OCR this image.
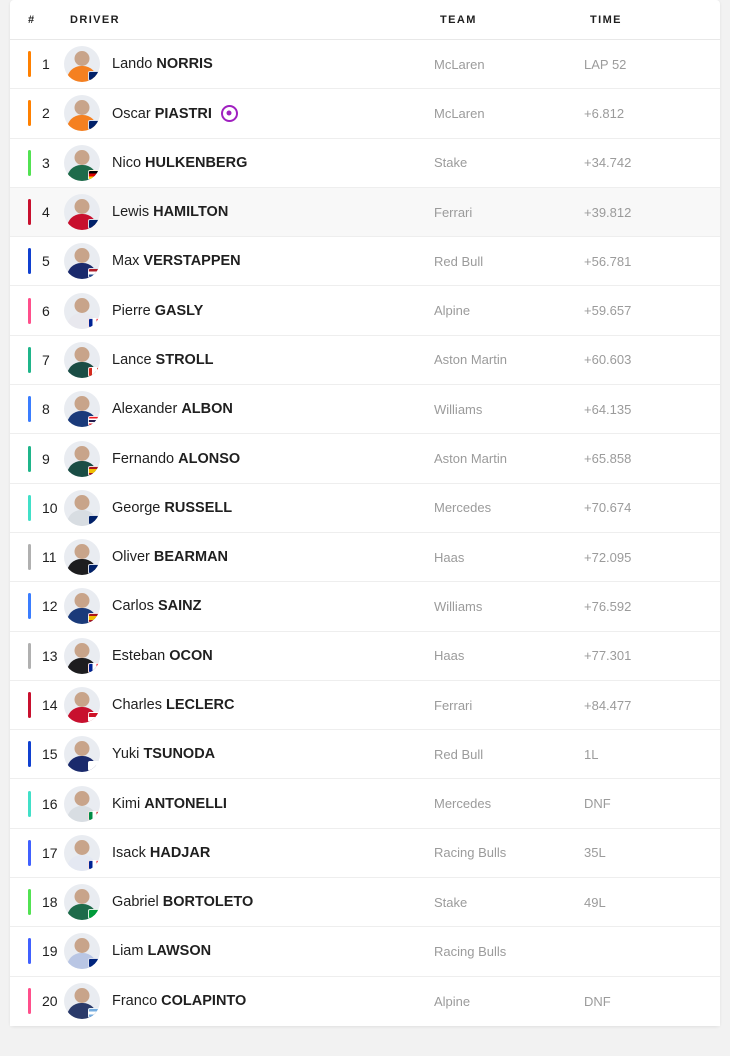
#	DRIVER	TEAM	TIME
1	Lando NORRIS	McLaren	LAP 52
2	Oscar PIASTRI	McLaren	+6.812
3	Nico HULKENBERG	Stake	+34.742
4	Lewis HAMILTON	Ferrari	+39.812
5	Max VERSTAPPEN	Red Bull	+56.781
6	Pierre GASLY	Alpine	+59.657
7	Lance STROLL	Aston Martin	+60.603
8	Alexander ALBON	Williams	+64.135
9	Fernando ALONSO	Aston Martin	+65.858
10	George RUSSELL	Mercedes	+70.674
11	Oliver BEARMAN	Haas	+72.095
12	Carlos SAINZ	Williams	+76.592
13	Esteban OCON	Haas	+77.301
14	Charles LECLERC	Ferrari	+84.477
15	Yuki TSUNODA	Red Bull	1L
16	Kimi ANTONELLI	Mercedes	DNF
17	Isack HADJAR	Racing Bulls	35L
18	Gabriel BORTOLETO	Stake	49L
19	Liam LAWSON	Racing Bulls
20	Franco COLAPINTO	Alpine	DNF
